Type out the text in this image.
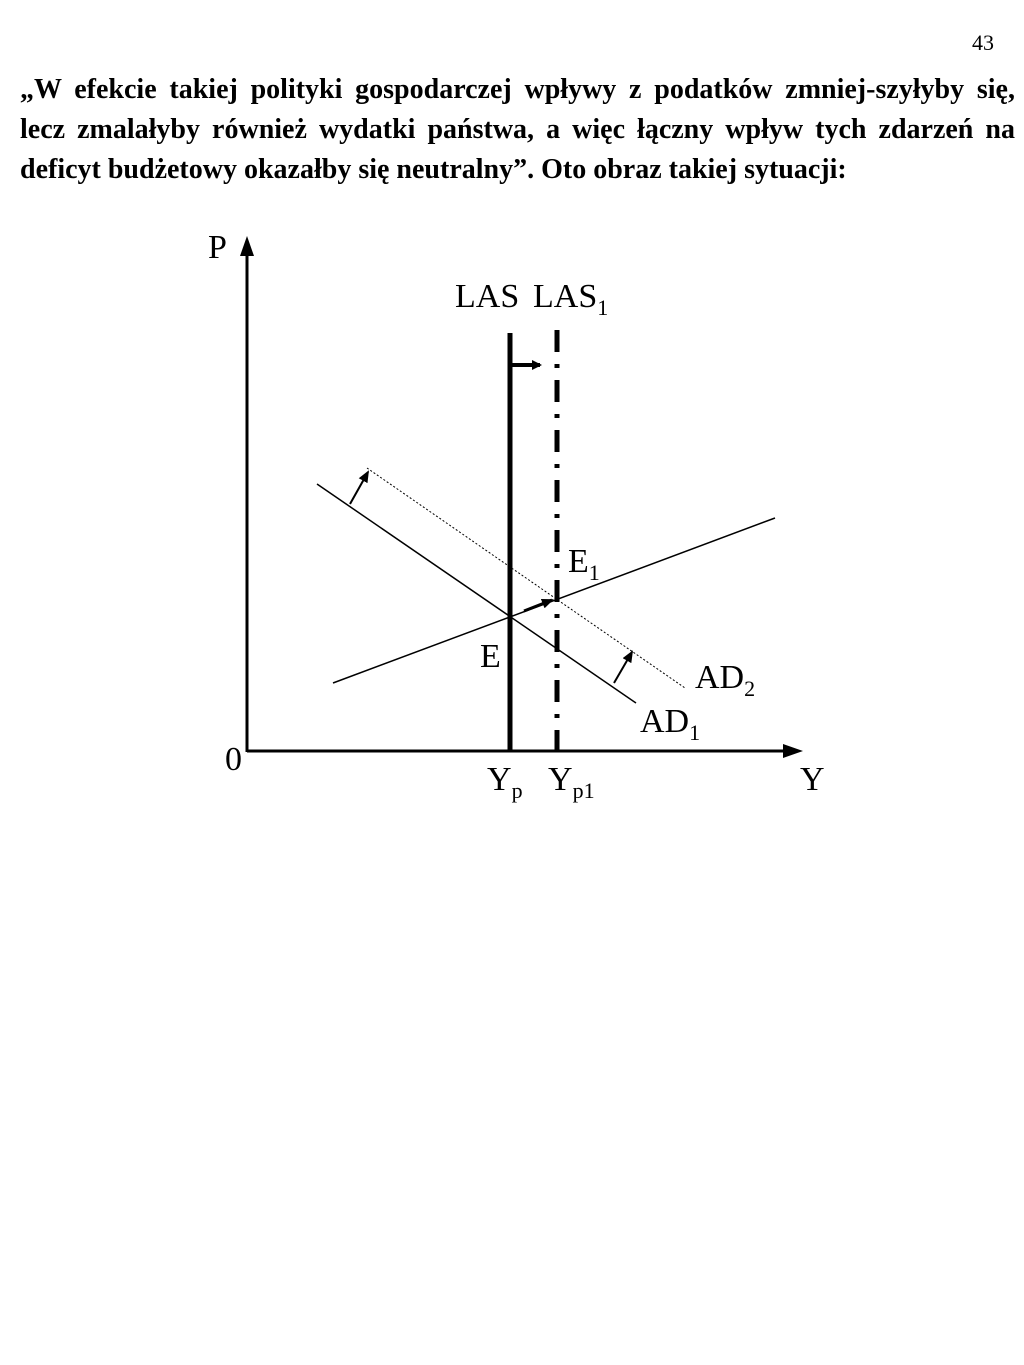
43

„W efekcie takiej polityki gospodarczej wpływy z podatków zmniej-szyłyby się, lecz zmalałyby również wydatki państwa, a więc łączny wpływ tych zdarzeń na deficyt budżetowy okazałby się neutralny”. Oto obraz takiej sytuacji:

P
Y
0
LAS LAS1
E
E1
AD2
AD1
Yp Yp1
